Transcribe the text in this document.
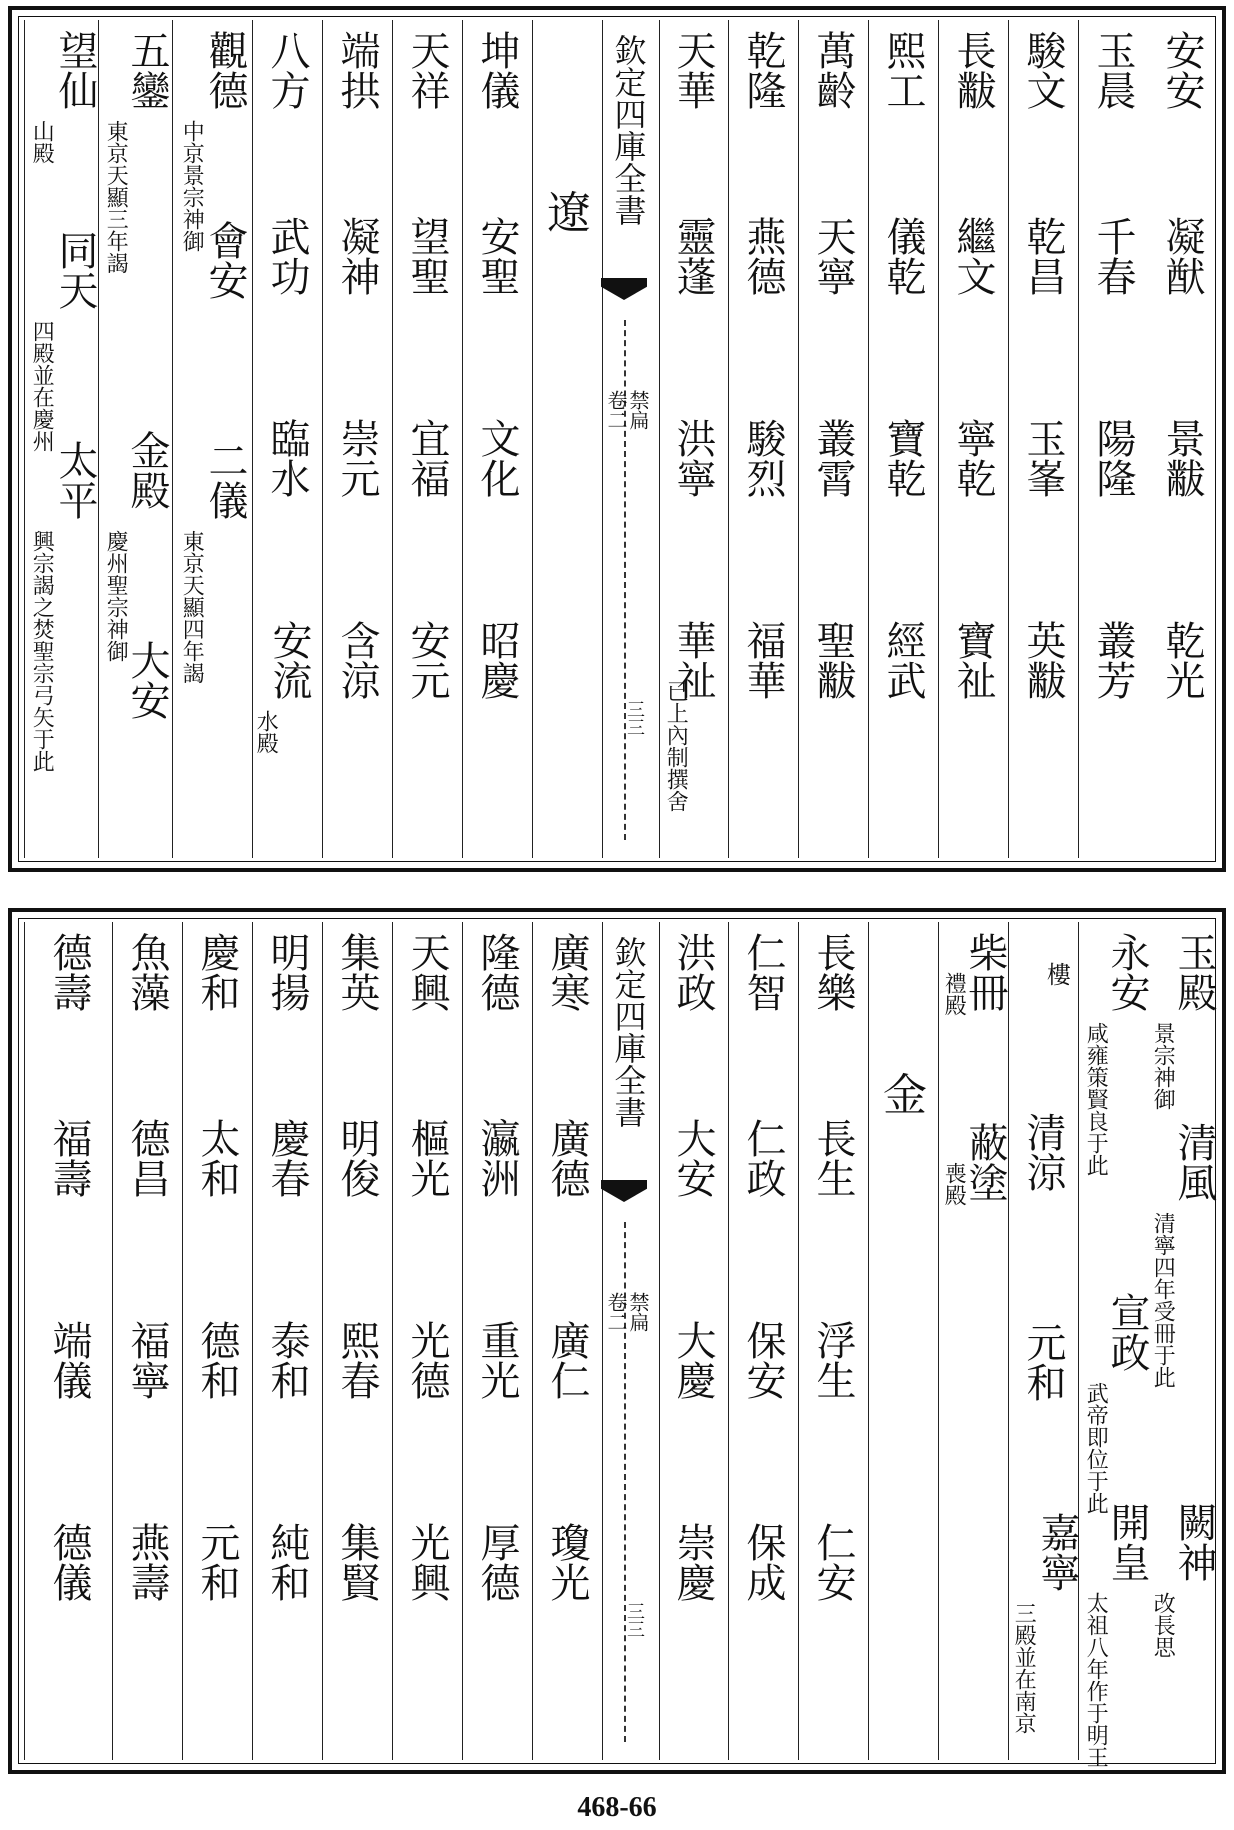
安安
凝猷
景黻
乾光
玉晨
千春
陽隆
叢芳
駿文
乾昌
玉峯
英黻
長黻
繼文
寧乾
寶祉
熙工
儀乾
寶乾
經武
萬齡
天寧
叢霄
聖黻
乾隆
燕德
駿烈
福華
天華
靈蓬
洪寧
華祉
已上內制撰舍
欽定四庫全書
禁扁
卷二
三三
遼
坤儀
安聖
文化
昭慶
天祥
望聖
宜福
安元
端拱
凝神
崇元
含涼
八方
武功
臨水
安流
水殿
觀德
中京景宗神御
會安
二儀
東京天顯四年謁
五鑾
東京天顯三年謁
金殿
慶州聖宗神御
大安
望仙
山殿
同天
四殿並在慶州
太平
興宗謁之焚聖宗弓矢于此
玉殿
景宗神御
清風
清寧四年受冊于此
闕神
改長思
永安
咸雍策賢良于此
宣政
武帝即位于此
開皇
太祖八年作于明王
樓
清涼
元和
嘉寧
三殿並在南京
柴冊
禮殿
蔽塗
喪殿
金
長樂
長生
浮生
仁安
仁智
仁政
保安
保成
洪政
大安
大慶
崇慶
欽定四庫全書
禁扁
卷二
三三
廣寒
廣德
廣仁
瓊光
隆德
瀛洲
重光
厚德
天興
樞光
光德
光興
集英
明俊
熙春
集賢
明揚
慶春
泰和
純和
慶和
太和
德和
元和
魚藻
德昌
福寧
燕壽
德壽
福壽
端儀
德儀
468-66
